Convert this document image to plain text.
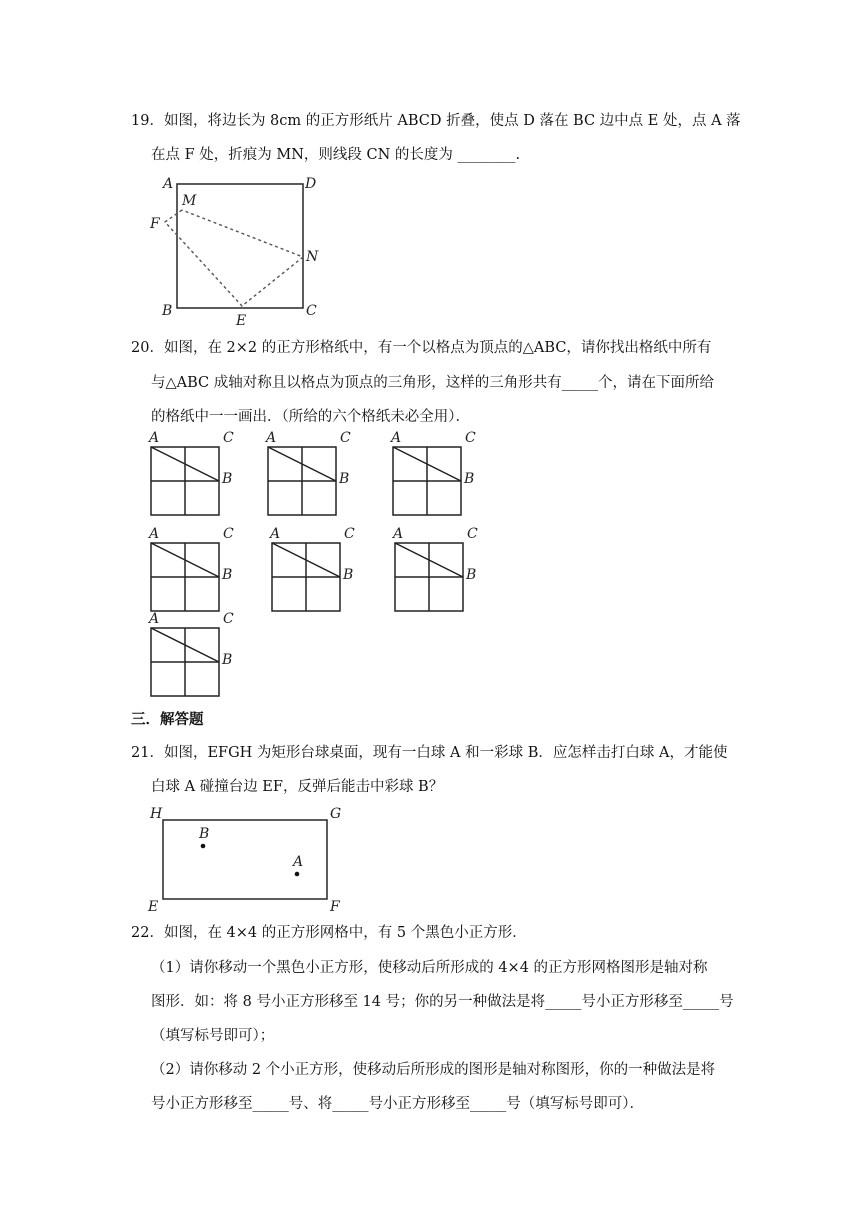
19．如图，将边长为 8cm 的正方形纸片 ABCD 折叠，使点 D 落在 BC 边中点 E 处，点 A 落
在点 F 处，折痕为 MN，则线段 CN 的长度为 ________.
A	D
M
F
N
B
E
C
20．如图，在 2×2 的正方形格纸中，有一个以格点为顶点的△ABC，请你找出格纸中所有
与△ABC 成轴对称且以格点为顶点的三角形，这样的三角形共有_____个，请在下面所给
的格纸中一一画出．（所给的六个格纸未必全用）．
A	C
B
A	C
B
A	C
B
A	C
B
A	C
B
A	C
B
A	C
B
三．解答题
21．如图，EFGH 为矩形台球桌面，现有一白球 A 和一彩球 B．应怎样击打白球 A，才能使
白球 A 碰撞台边 EF，反弹后能击中彩球 B？
H	G
B
A
E	F
22．如图，在 4×4 的正方形网格中，有 5 个黑色小正方形．
（1）请你移动一个黑色小正方形，使移动后所形成的 4×4 的正方形网格图形是轴对称
图形．如：将 8 号小正方形移至 14 号；你的另一种做法是将_____号小正方形移至_____号
（填写标号即可）；
（2）请你移动 2 个小正方形，使移动后所形成的图形是轴对称图形，你的一种做法是将
号小正方形移至_____号、将_____号小正方形移至_____号（填写标号即可）．
